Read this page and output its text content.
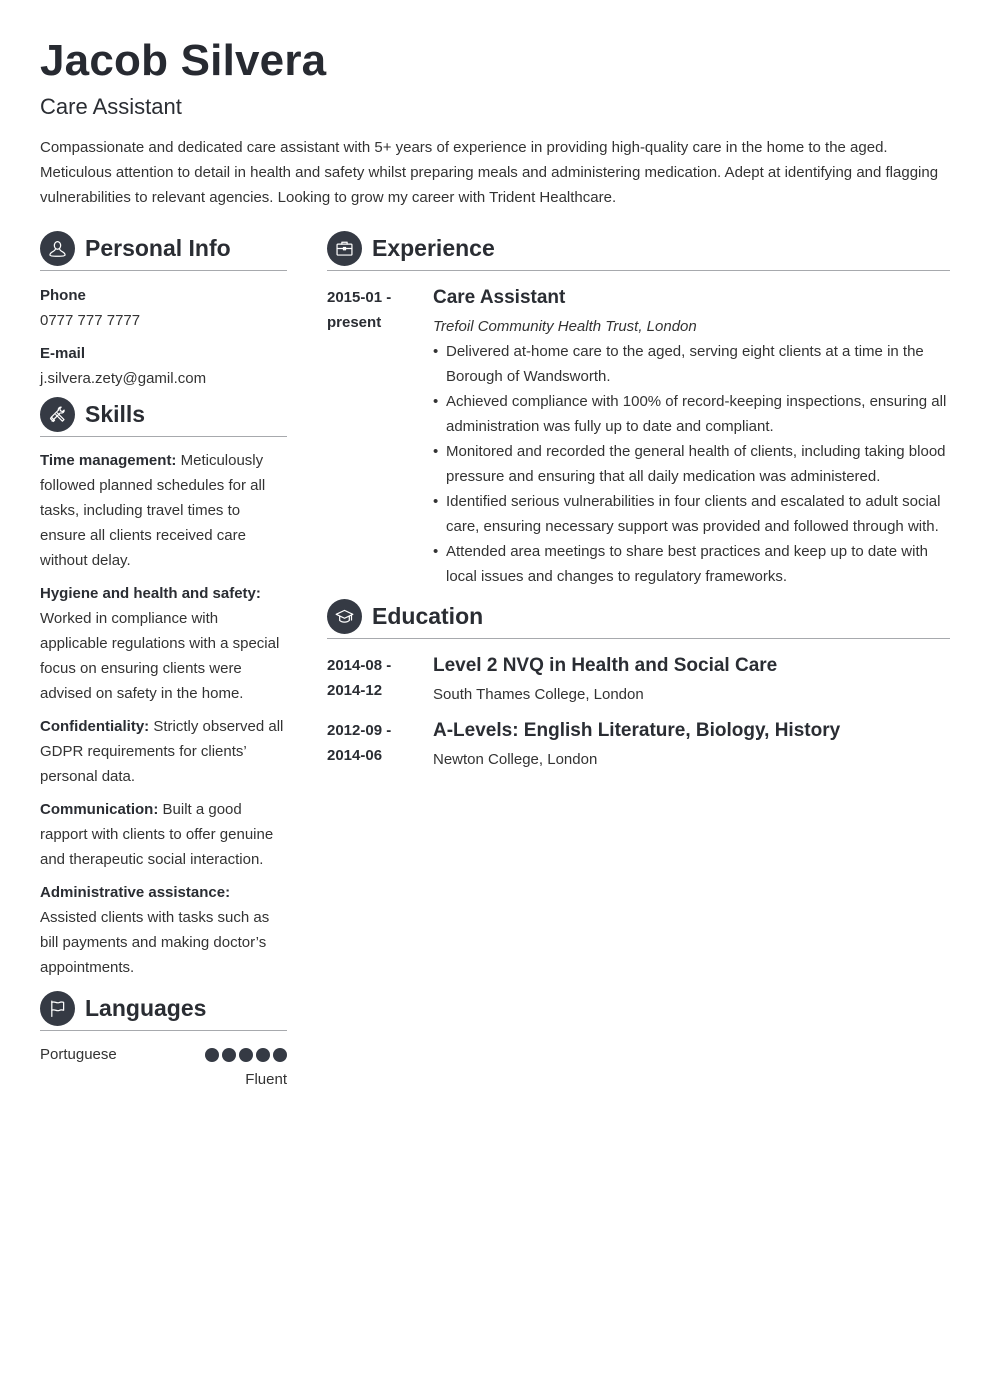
Jacob Silvera
Care Assistant
Compassionate and dedicated care assistant with 5+ years of experience in providing high-quality care in the home to the aged. Meticulous attention to detail in health and safety whilst preparing meals and administering medication. Adept at identifying and flagging vulnerabilities to relevant agencies. Looking to grow my career with Trident Healthcare.
Personal Info
Phone
0777 777 7777
E-mail
j.silvera.zety@gamil.com
Skills
Time management: Meticulously followed planned schedules for all tasks, including travel times to ensure all clients received care without delay.
Hygiene and health and safety: Worked in compliance with applicable regulations with a special focus on ensuring clients were advised on safety in the home.
Confidentiality: Strictly observed all GDPR requirements for clients’ personal data.
Communication: Built a good rapport with clients to offer genuine and therapeutic social interaction.
Administrative assistance: Assisted clients with tasks such as bill payments and making doctor’s appointments.
Languages
Portuguese
Fluent
Experience
2015-01 -
present
Care Assistant
Trefoil Community Health Trust, London
• Delivered at-home care to the aged, serving eight clients at a time in the Borough of Wandsworth.
• Achieved compliance with 100% of record-keeping inspections, ensuring all administration was fully up to date and compliant.
• Monitored and recorded the general health of clients, including taking blood pressure and ensuring that all daily medication was administered.
• Identified serious vulnerabilities in four clients and escalated to adult social care, ensuring necessary support was provided and followed through with.
• Attended area meetings to share best practices and keep up to date with local issues and changes to regulatory frameworks.
Education
2014-08 -
2014-12
Level 2 NVQ in Health and Social Care
South Thames College, London
2012-09 -
2014-06
A-Levels: English Literature, Biology, History
Newton College, London
